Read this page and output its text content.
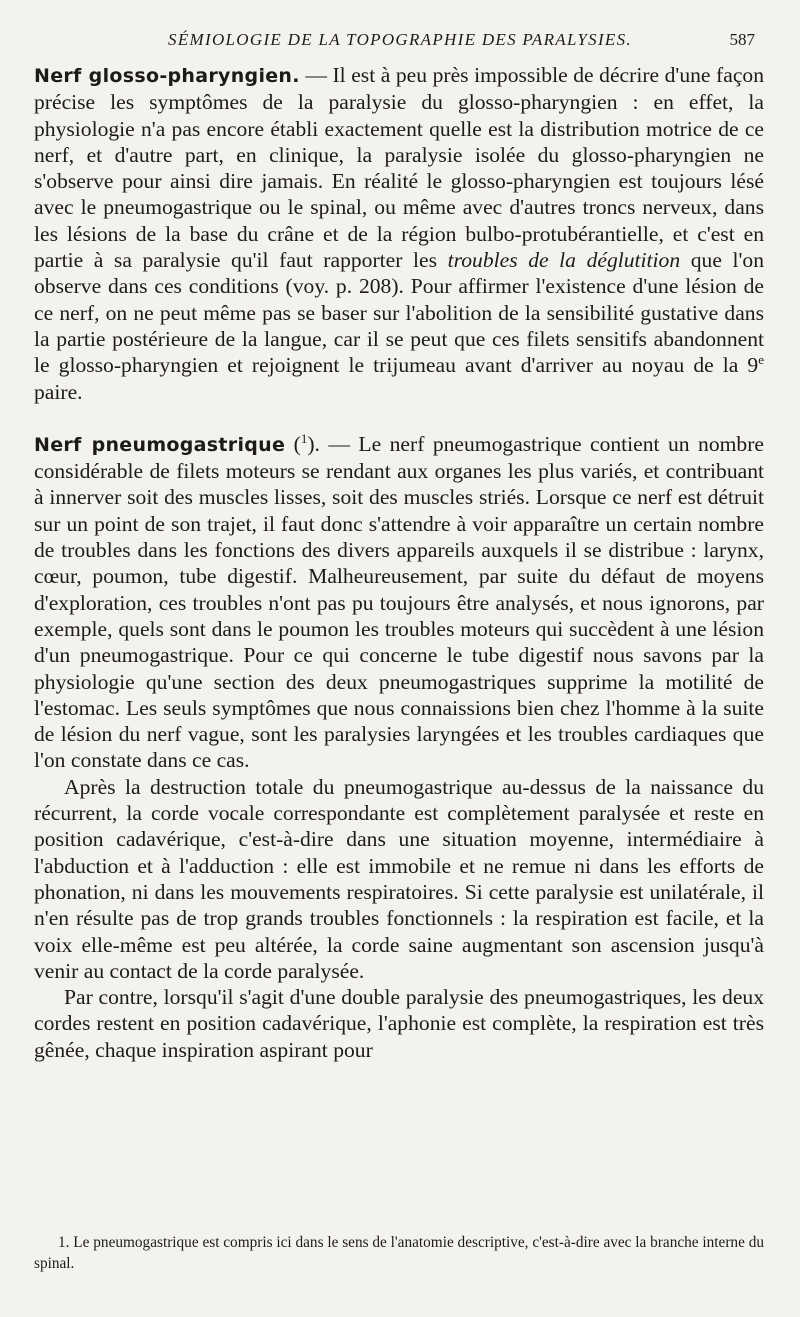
SÉMIOLOGIE DE LA TOPOGRAPHIE DES PARALYSIES.	587

Nerf glosso-pharyngien. — Il est à peu près impossible de décrire d'une façon précise les symptômes de la paralysie du glosso-pharyngien : en effet, la physiologie n'a pas encore établi exactement quelle est la distribution motrice de ce nerf, et d'autre part, en clinique, la paralysie isolée du glosso-pharyngien ne s'observe pour ainsi dire jamais. En réalité le glosso-pharyngien est toujours lésé avec le pneumogastrique ou le spinal, ou même avec d'autres troncs nerveux, dans les lésions de la base du crâne et de la région bulbo-protubérantielle, et c'est en partie à sa paralysie qu'il faut rapporter les troubles de la déglutition que l'on observe dans ces conditions (voy. p. 208). Pour affirmer l'existence d'une lésion de ce nerf, on ne peut même pas se baser sur l'abolition de la sensibilité gustative dans la partie postérieure de la langue, car il se peut que ces filets sensitifs abandonnent le glosso-pharyngien et rejoignent le trijumeau avant d'arriver au noyau de la 9e paire.

Nerf pneumogastrique ($^1$). — Le nerf pneumogastrique contient un nombre considérable de filets moteurs se rendant aux organes les plus variés, et contribuant à innerver soit des muscles lisses, soit des muscles striés. Lorsque ce nerf est détruit sur un point de son trajet, il faut donc s'attendre à voir apparaître un certain nombre de troubles dans les fonctions des divers appareils auxquels il se distribue : larynx, cœur, poumon, tube digestif. Malheureusement, par suite du défaut de moyens d'exploration, ces troubles n'ont pas pu toujours être analysés, et nous ignorons, par exemple, quels sont dans le poumon les troubles moteurs qui succèdent à une lésion d'un pneumogastrique. Pour ce qui concerne le tube digestif nous savons par la physiologie qu'une section des deux pneumogastriques supprime la motilité de l'estomac. Les seuls symptômes que nous connaissions bien chez l'homme à la suite de lésion du nerf vague, sont les paralysies laryngées et les troubles cardiaques que l'on constate dans ce cas.

Après la destruction totale du pneumogastrique au-dessus de la naissance du récurrent, la corde vocale correspondante est complètement paralysée et reste en position cadavérique, c'est-à-dire dans une situation moyenne, intermédiaire à l'abduction et à l'adduction : elle est immobile et ne remue ni dans les efforts de phonation, ni dans les mouvements respiratoires. Si cette paralysie est unilatérale, il n'en résulte pas de trop grands troubles fonctionnels : la respiration est facile, et la voix elle-même est peu altérée, la corde saine augmentant son ascension jusqu'à venir au contact de la corde paralysée.

Par contre, lorsqu'il s'agit d'une double paralysie des pneumogastriques, les deux cordes restent en position cadavérique, l'aphonie est complète, la respiration est très gênée, chaque inspiration aspirant pour

1. Le pneumogastrique est compris ici dans le sens de l'anatomie descriptive, c'est-à-dire avec la branche interne du spinal.
